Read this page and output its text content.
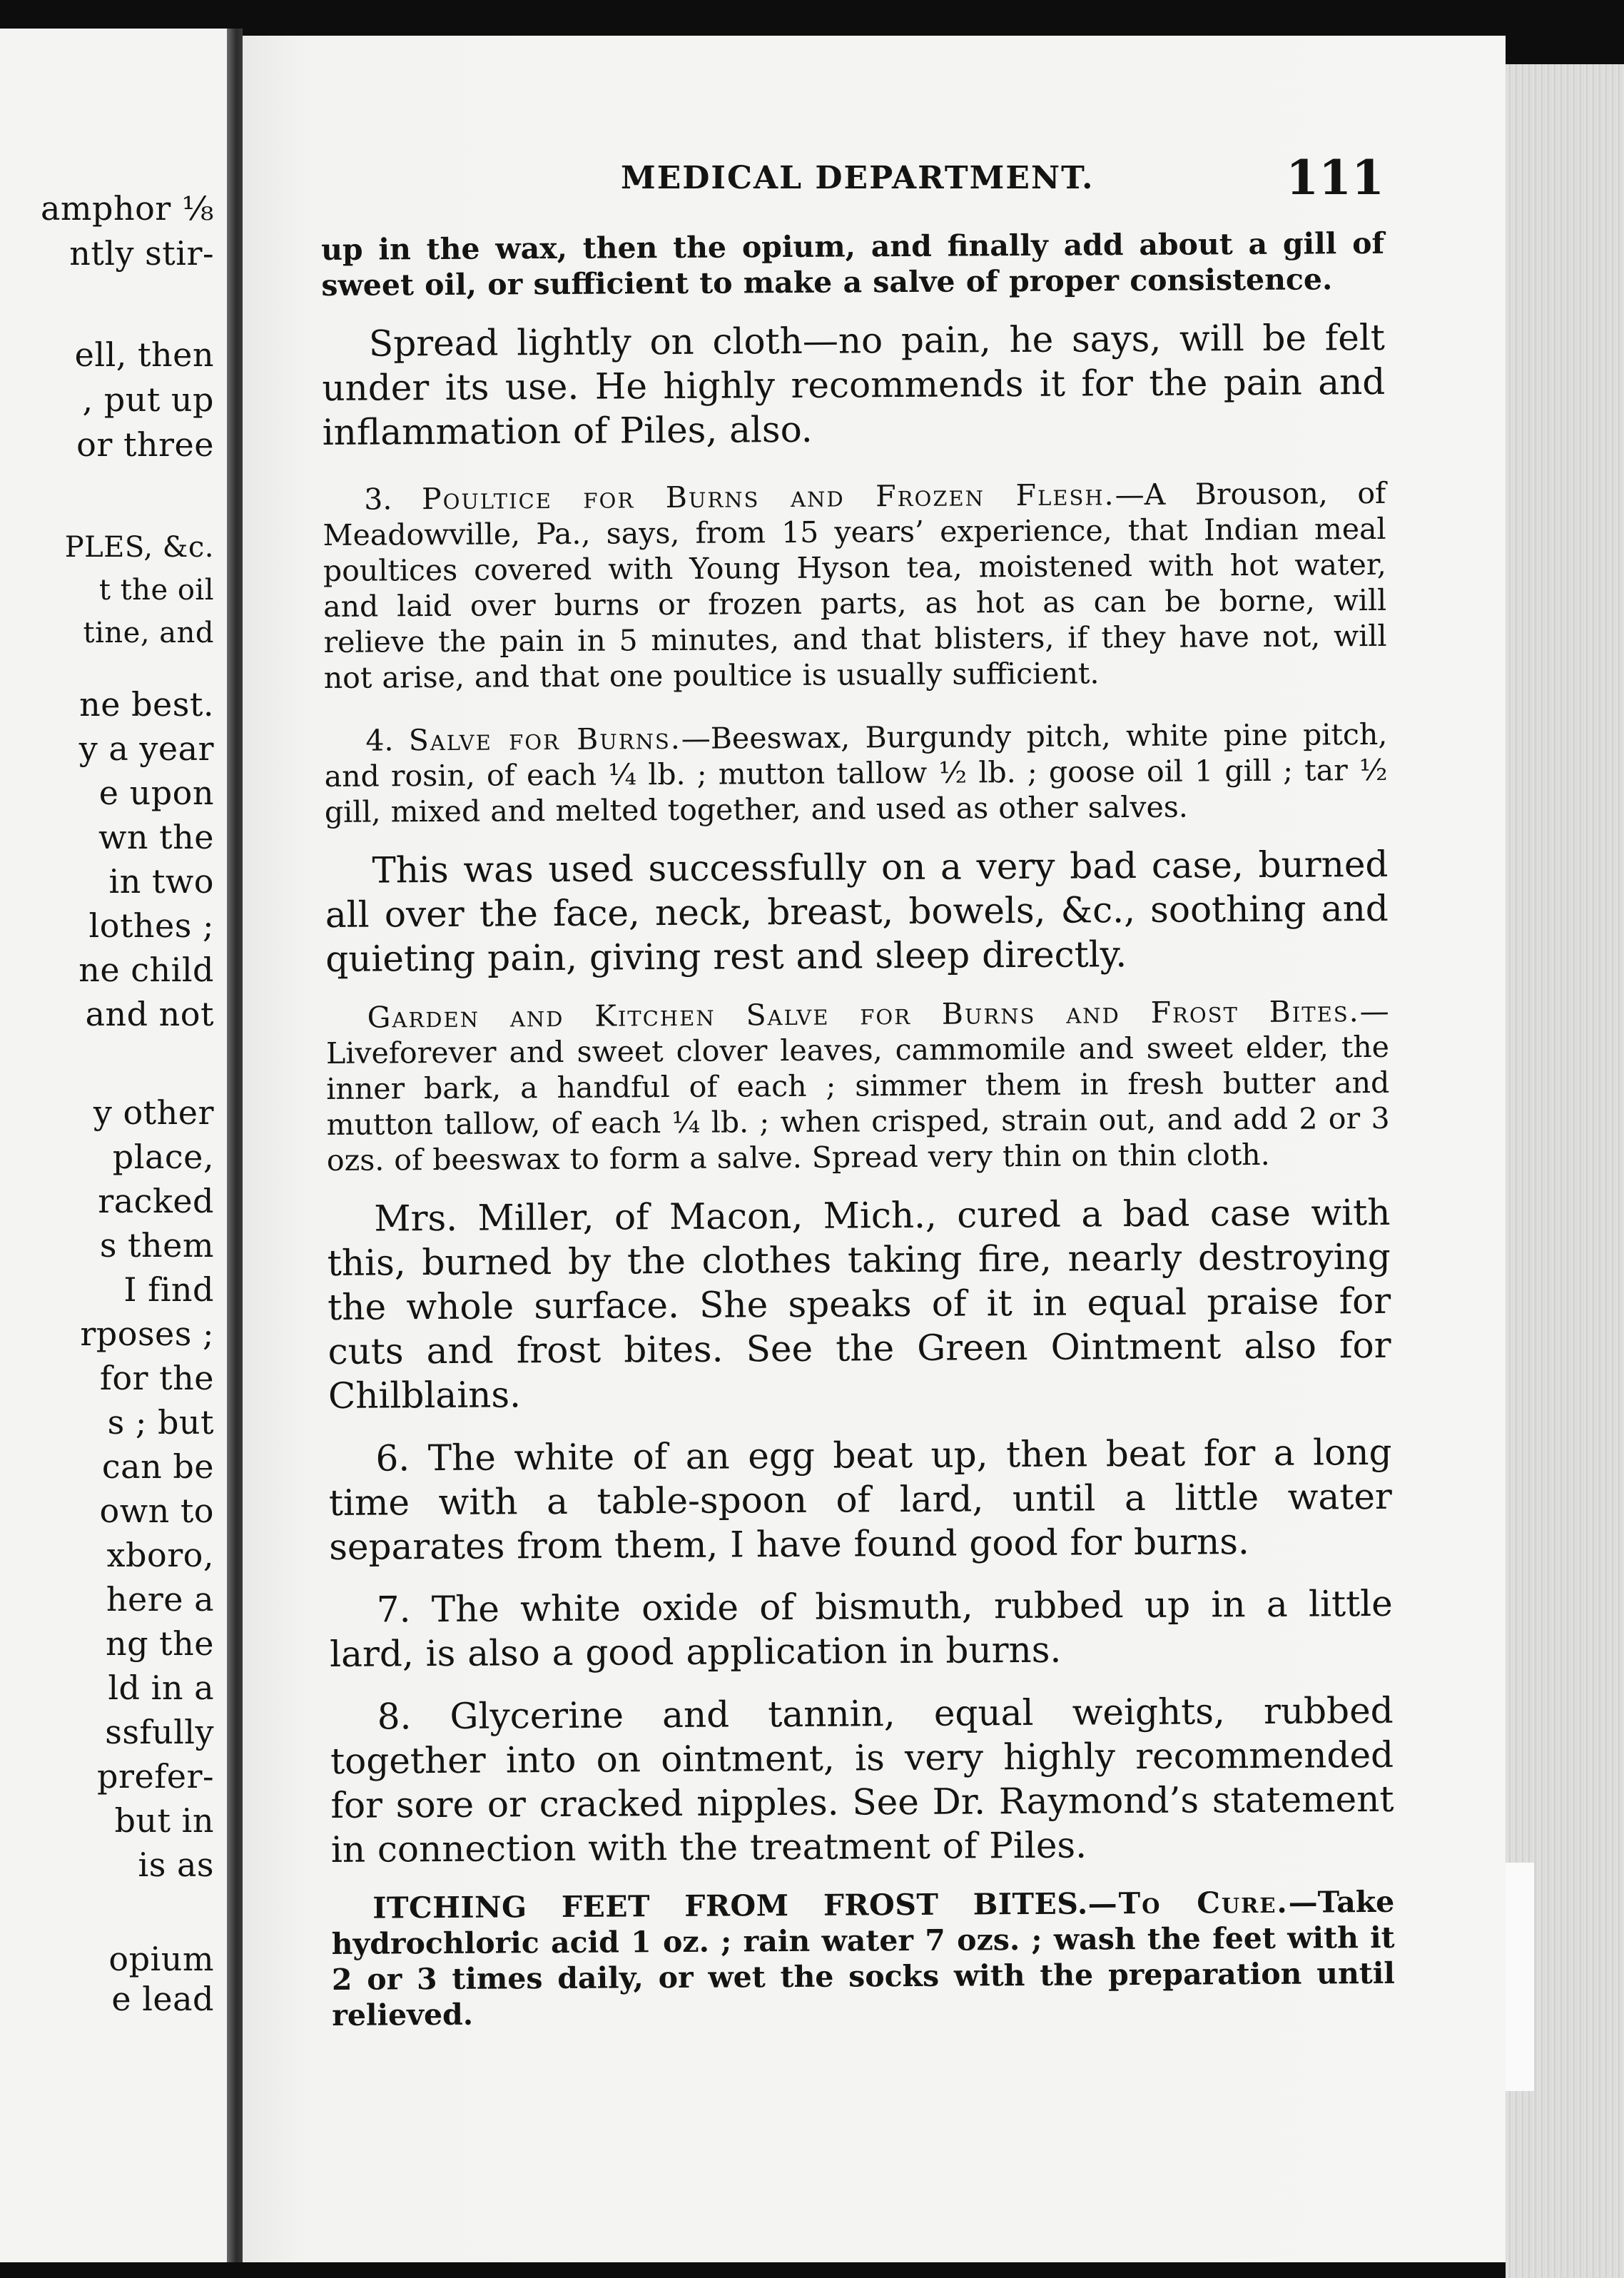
amphor ⅛
ntly stir-
ell, then
, put up
or three
PLES, &c.
t the oil
tine, and
ne best.
y a year
e upon
wn the
in two
lothes ;
ne child
and not
y other
place,
racked
s them
I find
rposes ;
for the
s ; but
can be
own to
xboro,
here a
ng the
ld in a
ssfully
prefer-
but in
is as
opium
e lead
MEDICAL DEPARTMENT.	111

up in the wax, then the opium, and finally add about a gill of sweet oil, or sufficient to make a salve of proper consistence.

Spread lightly on cloth—no pain, he says, will be felt under its use. He highly recommends it for the pain and inflammation of Piles, also.

3. Poultice for Burns and Frozen Flesh.—A Brouson, of Meadowville, Pa., says, from 15 years’ experience, that Indian meal poultices covered with Young Hyson tea, moistened with hot water, and laid over burns or frozen parts, as hot as can be borne, will relieve the pain in 5 minutes, and that blisters, if they have not, will not arise, and that one poultice is usually sufficient.

4. Salve for Burns.—Beeswax, Burgundy pitch, white pine pitch, and rosin, of each ¼ lb. ; mutton tallow ½ lb. ; goose oil 1 gill ; tar ½ gill, mixed and melted together, and used as other salves.

This was used successfully on a very bad case, burned all over the face, neck, breast, bowels, &c., soothing and quieting pain, giving rest and sleep directly.

Garden and Kitchen Salve for Burns and Frost Bites.—Liveforever and sweet clover leaves, cammomile and sweet elder, the inner bark, a handful of each ; simmer them in fresh butter and mutton tallow, of each ¼ lb. ; when crisped, strain out, and add 2 or 3 ozs. of beeswax to form a salve. Spread very thin on thin cloth.

Mrs. Miller, of Macon, Mich., cured a bad case with this, burned by the clothes taking fire, nearly destroying the whole surface. She speaks of it in equal praise for cuts and frost bites. See the Green Ointment also for Chilblains.

6. The white of an egg beat up, then beat for a long time with a table-spoon of lard, until a little water separates from them, I have found good for burns.

7. The white oxide of bismuth, rubbed up in a little lard, is also a good application in burns.

8. Glycerine and tannin, equal weights, rubbed together into on ointment, is very highly recommended for sore or cracked nipples. See Dr. Raymond’s statement in connection with the treatment of Piles.

ITCHING FEET FROM FROST BITES.—To Cure.—Take hydrochloric acid 1 oz. ; rain water 7 ozs. ; wash the feet with it 2 or 3 times daily, or wet the socks with the preparation until relieved.
